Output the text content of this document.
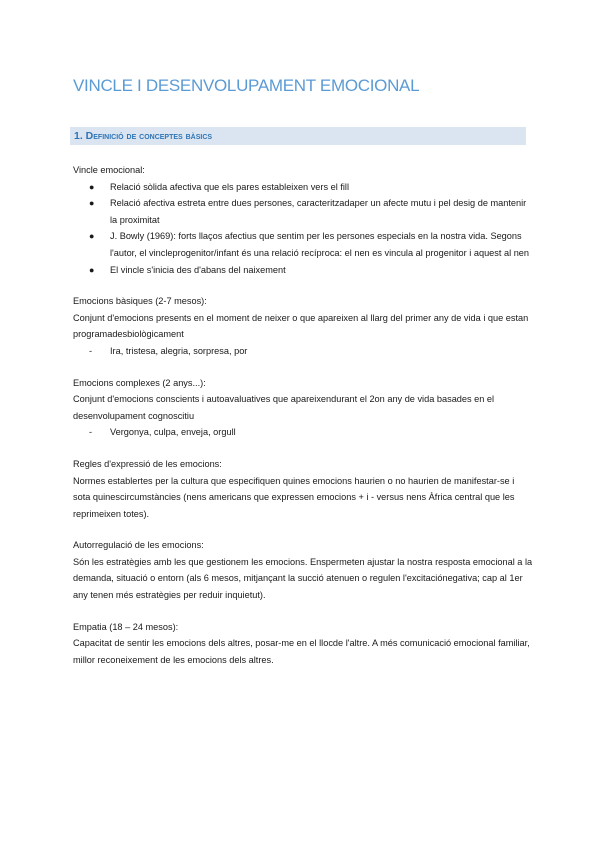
VINCLE I DESENVOLUPAMENT EMOCIONAL
1. Definició de conceptes bàsics

Vincle emocional:

● Relació sòlida afectiva que els pares estableixen vers el fill
● Relació afectiva estreta entre dues persones, caracteritzadaper un afecte mutu i pel desig de mantenir la proximitat
● J. Bowly (1969): forts llaços afectius que sentim per les persones especials en la nostra vida. Segons l'autor, el vincleprogenitor/infant és una relació recíproca: el nen es vincula al progenitor i aquest al nen
● El vincle s'inicia des d'abans del naixement

Emocions bàsiques (2-7 mesos):

Conjunt d'emocions presents en el moment de neixer o que apareixen al llarg del primer any de vida i que estan programadesbiològicament

- Ira, tristesa, alegria, sorpresa, por

Emocions complexes (2 anys...):

Conjunt d'emocions conscients i autoavaluatives que apareixendurant el 2on any de vida basades en el desenvolupament cognoscitiu

- Vergonya, culpa, enveja, orgull

Regles d'expressió de les emocions:

Normes establertes per la cultura que especifiquen quines emocions haurien o no haurien de manifestar-se i sota quinescircumstàncies (nens americans que expressen emocions + i - versus nens Àfrica central que les reprimeixen totes).

Autorregulació de les emocions:

Són les estratègies amb les que gestionem les emocions. Enspermeten ajustar la nostra resposta emocional a la demanda, situació o entorn (als 6 mesos, mitjançant la succió atenuen o regulen l'excitaciónegativa; cap al 1er any tenen més estratègies per reduir inquietut).

Empatia (18 – 24 mesos):

Capacitat de sentir les emocions dels altres, posar-me en el llocde l'altre. A més comunicació emocional familiar, millor reconeixement de les emocions dels altres.
